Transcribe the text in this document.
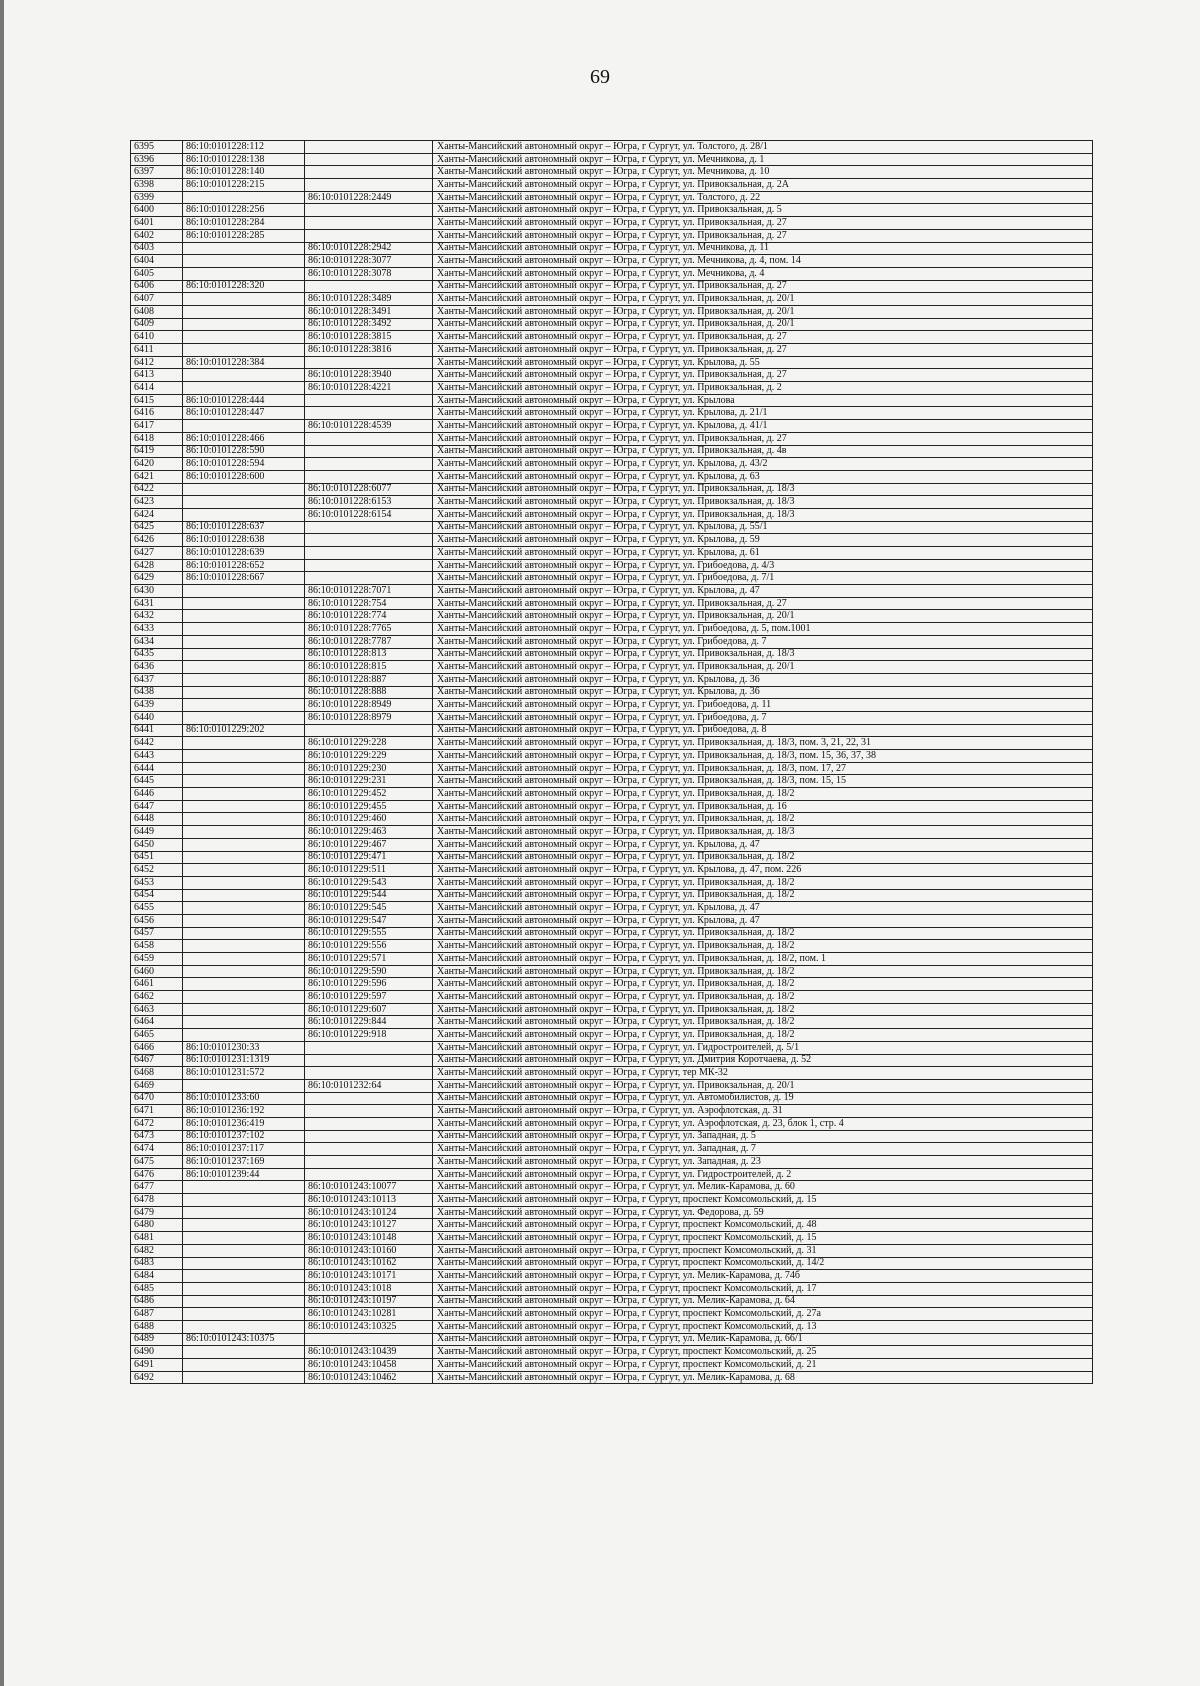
69
6395	86:10:0101228:112		Ханты-Мансийский автономный округ – Югра, г Сургут, ул. Толстого, д. 28/1
6396	86:10:0101228:138		Ханты-Мансийский автономный округ – Югра, г Сургут, ул. Мечникова, д. 1
6397	86:10:0101228:140		Ханты-Мансийский автономный округ – Югра, г Сургут, ул. Мечникова, д. 10
6398	86:10:0101228:215		Ханты-Мансийский автономный округ – Югра, г Сургут, ул. Привокзальная, д. 2А
6399		86:10:0101228:2449	Ханты-Мансийский автономный округ – Югра, г Сургут, ул. Толстого, д. 22
6400	86:10:0101228:256		Ханты-Мансийский автономный округ – Югра, г Сургут, ул. Привокзальная, д. 5
6401	86:10:0101228:284		Ханты-Мансийский автономный округ – Югра, г Сургут, ул. Привокзальная, д. 27
6402	86:10:0101228:285		Ханты-Мансийский автономный округ – Югра, г Сургут, ул. Привокзальная, д. 27
6403		86:10:0101228:2942	Ханты-Мансийский автономный округ – Югра, г Сургут, ул. Мечникова, д. 11
6404		86:10:0101228:3077	Ханты-Мансийский автономный округ – Югра, г Сургут, ул. Мечникова, д. 4, пом. 14
6405		86:10:0101228:3078	Ханты-Мансийский автономный округ – Югра, г Сургут, ул. Мечникова, д. 4
6406	86:10:0101228:320		Ханты-Мансийский автономный округ – Югра, г Сургут, ул. Привокзальная, д. 27
6407		86:10:0101228:3489	Ханты-Мансийский автономный округ – Югра, г Сургут, ул. Привокзальная, д. 20/1
6408		86:10:0101228:3491	Ханты-Мансийский автономный округ – Югра, г Сургут, ул. Привокзальная, д. 20/1
6409		86:10:0101228:3492	Ханты-Мансийский автономный округ – Югра, г Сургут, ул. Привокзальная, д. 20/1
6410		86:10:0101228:3815	Ханты-Мансийский автономный округ – Югра, г Сургут, ул. Привокзальная, д. 27
6411		86:10:0101228:3816	Ханты-Мансийский автономный округ – Югра, г Сургут, ул. Привокзальная, д. 27
6412	86:10:0101228:384		Ханты-Мансийский автономный округ – Югра, г Сургут, ул. Крылова, д. 55
6413		86:10:0101228:3940	Ханты-Мансийский автономный округ – Югра, г Сургут, ул. Привокзальная, д. 27
6414		86:10:0101228:4221	Ханты-Мансийский автономный округ – Югра, г Сургут, ул. Привокзальная, д. 2
6415	86:10:0101228:444		Ханты-Мансийский автономный округ – Югра, г Сургут, ул. Крылова
6416	86:10:0101228:447		Ханты-Мансийский автономный округ – Югра, г Сургут, ул. Крылова, д. 21/1
6417		86:10:0101228:4539	Ханты-Мансийский автономный округ – Югра, г Сургут, ул. Крылова, д. 41/1
6418	86:10:0101228:466		Ханты-Мансийский автономный округ – Югра, г Сургут, ул. Привокзальная, д. 27
6419	86:10:0101228:590		Ханты-Мансийский автономный округ – Югра, г Сургут, ул. Привокзальная, д. 4в
6420	86:10:0101228:594		Ханты-Мансийский автономный округ – Югра, г Сургут, ул. Крылова, д. 43/2
6421	86:10:0101228:600		Ханты-Мансийский автономный округ – Югра, г Сургут, ул. Крылова, д. 63
6422		86:10:0101228:6077	Ханты-Мансийский автономный округ – Югра, г Сургут, ул. Привокзальная, д. 18/3
6423		86:10:0101228:6153	Ханты-Мансийский автономный округ – Югра, г Сургут, ул. Привокзальная, д. 18/3
6424		86:10:0101228:6154	Ханты-Мансийский автономный округ – Югра, г Сургут, ул. Привокзальная, д. 18/3
6425	86:10:0101228:637		Ханты-Мансийский автономный округ – Югра, г Сургут, ул. Крылова, д. 55/1
6426	86:10:0101228:638		Ханты-Мансийский автономный округ – Югра, г Сургут, ул. Крылова, д. 59
6427	86:10:0101228:639		Ханты-Мансийский автономный округ – Югра, г Сургут, ул. Крылова, д. 61
6428	86:10:0101228:652		Ханты-Мансийский автономный округ – Югра, г Сургут, ул. Грибоедова, д. 4/3
6429	86:10:0101228:667		Ханты-Мансийский автономный округ – Югра, г Сургут, ул. Грибоедова, д. 7/1
6430		86:10:0101228:7071	Ханты-Мансийский автономный округ – Югра, г Сургут, ул. Крылова, д. 47
6431		86:10:0101228:754	Ханты-Мансийский автономный округ – Югра, г Сургут, ул. Привокзальная, д. 27
6432		86:10:0101228:774	Ханты-Мансийский автономный округ – Югра, г Сургут, ул. Привокзальная, д. 20/1
6433		86:10:0101228:7765	Ханты-Мансийский автономный округ – Югра, г Сургут, ул. Грибоедова, д. 5, пом.1001
6434		86:10:0101228:7787	Ханты-Мансийский автономный округ – Югра, г Сургут, ул. Грибоедова, д. 7
6435		86:10:0101228:813	Ханты-Мансийский автономный округ – Югра, г Сургут, ул. Привокзальная, д. 18/3
6436		86:10:0101228:815	Ханты-Мансийский автономный округ – Югра, г Сургут, ул. Привокзальная, д. 20/1
6437		86:10:0101228:887	Ханты-Мансийский автономный округ – Югра, г Сургут, ул. Крылова, д. 36
6438		86:10:0101228:888	Ханты-Мансийский автономный округ – Югра, г Сургут, ул. Крылова, д. 36
6439		86:10:0101228:8949	Ханты-Мансийский автономный округ – Югра, г Сургут, ул. Грибоедова, д. 11
6440		86:10:0101228:8979	Ханты-Мансийский автономный округ – Югра, г Сургут, ул. Грибоедова, д. 7
6441	86:10:0101229:202		Ханты-Мансийский автономный округ – Югра, г Сургут, ул. Грибоедова, д. 8
6442		86:10:0101229:228	Ханты-Мансийский автономный округ – Югра, г Сургут, ул. Привокзальная, д. 18/3, пом. 3, 21, 22, 31
6443		86:10:0101229:229	Ханты-Мансийский автономный округ – Югра, г Сургут, ул. Привокзальная, д. 18/3, пом. 15, 36, 37, 38
6444		86:10:0101229:230	Ханты-Мансийский автономный округ – Югра, г Сургут, ул. Привокзальная, д. 18/3, пом. 17, 27
6445		86:10:0101229:231	Ханты-Мансийский автономный округ – Югра, г Сургут, ул. Привокзальная, д. 18/3, пом. 15, 15
6446		86:10:0101229:452	Ханты-Мансийский автономный округ – Югра, г Сургут, ул. Привокзальная, д. 18/2
6447		86:10:0101229:455	Ханты-Мансийский автономный округ – Югра, г Сургут, ул. Привокзальная, д. 16
6448		86:10:0101229:460	Ханты-Мансийский автономный округ – Югра, г Сургут, ул. Привокзальная, д. 18/2
6449		86:10:0101229:463	Ханты-Мансийский автономный округ – Югра, г Сургут, ул. Привокзальная, д. 18/3
6450		86:10:0101229:467	Ханты-Мансийский автономный округ – Югра, г Сургут, ул. Крылова, д. 47
6451		86:10:0101229:471	Ханты-Мансийский автономный округ – Югра, г Сургут, ул. Привокзальная, д. 18/2
6452		86:10:0101229:511	Ханты-Мансийский автономный округ – Югра, г Сургут, ул. Крылова, д. 47, пом. 226
6453		86:10:0101229:543	Ханты-Мансийский автономный округ – Югра, г Сургут, ул. Привокзальная, д. 18/2
6454		86:10:0101229:544	Ханты-Мансийский автономный округ – Югра, г Сургут, ул. Привокзальная, д. 18/2
6455		86:10:0101229:545	Ханты-Мансийский автономный округ – Югра, г Сургут, ул. Крылова, д. 47
6456		86:10:0101229:547	Ханты-Мансийский автономный округ – Югра, г Сургут, ул. Крылова, д. 47
6457		86:10:0101229:555	Ханты-Мансийский автономный округ – Югра, г Сургут, ул. Привокзальная, д. 18/2
6458		86:10:0101229:556	Ханты-Мансийский автономный округ – Югра, г Сургут, ул. Привокзальная, д. 18/2
6459		86:10:0101229:571	Ханты-Мансийский автономный округ – Югра, г Сургут, ул. Привокзальная, д. 18/2, пом. 1
6460		86:10:0101229:590	Ханты-Мансийский автономный округ – Югра, г Сургут, ул. Привокзальная, д. 18/2
6461		86:10:0101229:596	Ханты-Мансийский автономный округ – Югра, г Сургут, ул. Привокзальная, д. 18/2
6462		86:10:0101229:597	Ханты-Мансийский автономный округ – Югра, г Сургут, ул. Привокзальная, д. 18/2
6463		86:10:0101229:607	Ханты-Мансийский автономный округ – Югра, г Сургут, ул. Привокзальная, д. 18/2
6464		86:10:0101229:844	Ханты-Мансийский автономный округ – Югра, г Сургут, ул. Привокзальная, д. 18/2
6465		86:10:0101229:918	Ханты-Мансийский автономный округ – Югра, г Сургут, ул. Привокзальная, д. 18/2
6466	86:10:0101230:33		Ханты-Мансийский автономный округ – Югра, г Сургут, ул. Гидростроителей, д. 5/1
6467	86:10:0101231:1319		Ханты-Мансийский автономный округ – Югра, г Сургут, ул. Дмитрия Коротчаева, д. 52
6468	86:10:0101231:572		Ханты-Мансийский автономный округ – Югра, г Сургут, тер МК-32
6469		86:10:0101232:64	Ханты-Мансийский автономный округ – Югра, г Сургут, ул. Привокзальная, д. 20/1
6470	86:10:0101233:60		Ханты-Мансийский автономный округ – Югра, г Сургут, ул. Автомобилистов, д. 19
6471	86:10:0101236:192		Ханты-Мансийский автономный округ – Югра, г Сургут, ул. Аэрофлотская, д. 31
6472	86:10:0101236:419		Ханты-Мансийский автономный округ – Югра, г Сургут, ул. Аэрофлотская, д. 23, блок 1, стр. 4
6473	86:10:0101237:102		Ханты-Мансийский автономный округ – Югра, г Сургут, ул. Западная, д. 5
6474	86:10:0101237:117		Ханты-Мансийский автономный округ – Югра, г Сургут, ул. Западная, д. 7
6475	86:10:0101237:169		Ханты-Мансийский автономный округ – Югра, г Сургут, ул. Западная, д. 23
6476	86:10:0101239:44		Ханты-Мансийский автономный округ – Югра, г Сургут, ул. Гидростроителей, д. 2
6477		86:10:0101243:10077	Ханты-Мансийский автономный округ – Югра, г Сургут, ул. Мелик-Карамова, д. 60
6478		86:10:0101243:10113	Ханты-Мансийский автономный округ – Югра, г Сургут, проспект Комсомольский, д. 15
6479		86:10:0101243:10124	Ханты-Мансийский автономный округ – Югра, г Сургут, ул. Федорова, д. 59
6480		86:10:0101243:10127	Ханты-Мансийский автономный округ – Югра, г Сургут, проспект Комсомольский, д. 48
6481		86:10:0101243:10148	Ханты-Мансийский автономный округ – Югра, г Сургут, проспект Комсомольский, д. 15
6482		86:10:0101243:10160	Ханты-Мансийский автономный округ – Югра, г Сургут, проспект Комсомольский, д. 31
6483		86:10:0101243:10162	Ханты-Мансийский автономный округ – Югра, г Сургут, проспект Комсомольский, д. 14/2
6484		86:10:0101243:10171	Ханты-Мансийский автономный округ – Югра, г Сургут, ул. Мелик-Карамова, д. 74б
6485		86:10:0101243:1018	Ханты-Мансийский автономный округ – Югра, г Сургут, проспект Комсомольский, д. 17
6486		86:10:0101243:10197	Ханты-Мансийский автономный округ – Югра, г Сургут, ул. Мелик-Карамова, д. 64
6487		86:10:0101243:10281	Ханты-Мансийский автономный округ – Югра, г Сургут, проспект Комсомольский, д. 27а
6488		86:10:0101243:10325	Ханты-Мансийский автономный округ – Югра, г Сургут, проспект Комсомольский, д. 13
6489	86:10:0101243:10375		Ханты-Мансийский автономный округ – Югра, г Сургут, ул. Мелик-Карамова, д. 66/1
6490		86:10:0101243:10439	Ханты-Мансийский автономный округ – Югра, г Сургут, проспект Комсомольский, д. 25
6491		86:10:0101243:10458	Ханты-Мансийский автономный округ – Югра, г Сургут, проспект Комсомольский, д. 21
6492		86:10:0101243:10462	Ханты-Мансийский автономный округ – Югра, г Сургут, ул. Мелик-Карамова, д. 68
